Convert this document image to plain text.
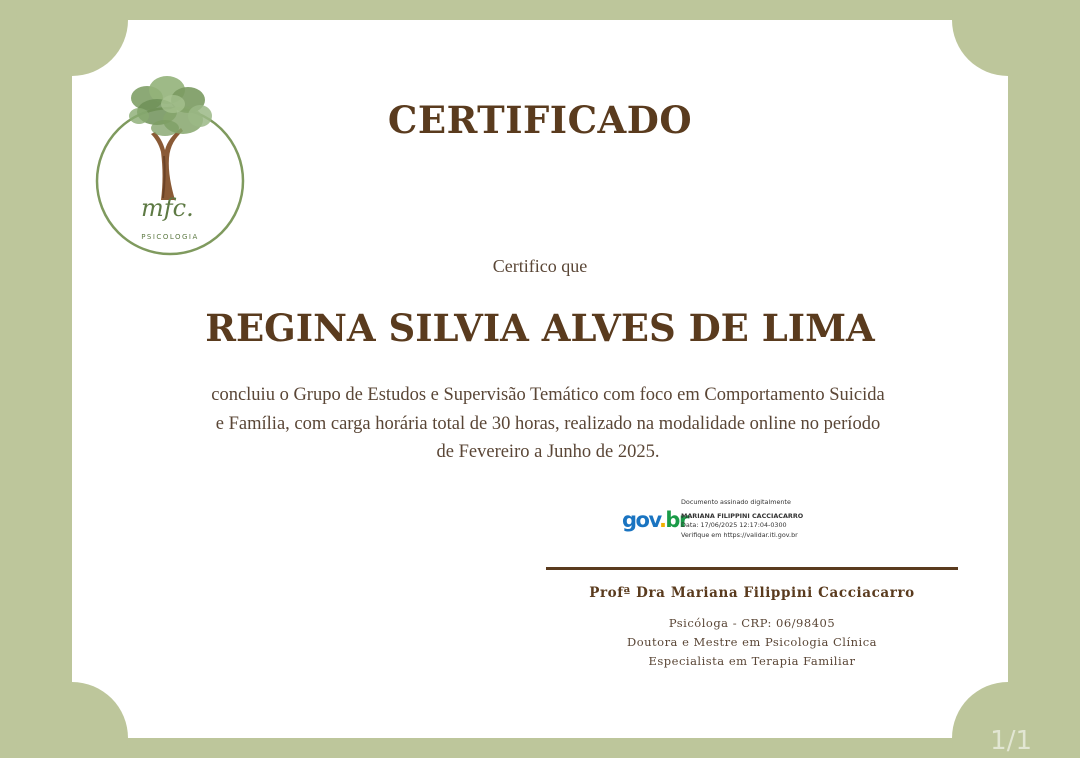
mfc.
PSICOLOGIA
CERTIFICADO
Certifico que
REGINA SILVIA ALVES DE LIMA
concluiu o Grupo de Estudos e Supervisão Temático com foco em Comportamento Suicida
e Família, com carga horária total de 30 horas, realizado na modalidade online no período
de Fevereiro a Junho de 2025.
gov.br
Documento assinado digitalmente
MARIANA FILIPPINI CACCIACARRO
Data: 17/06/2025 12:17:04-0300
Verifique em https://validar.iti.gov.br
Profª Dra Mariana Filippini Cacciacarro
Psicóloga - CRP: 06/98405
Doutora e Mestre em Psicologia Clínica
Especialista em Terapia Familiar
1/1
